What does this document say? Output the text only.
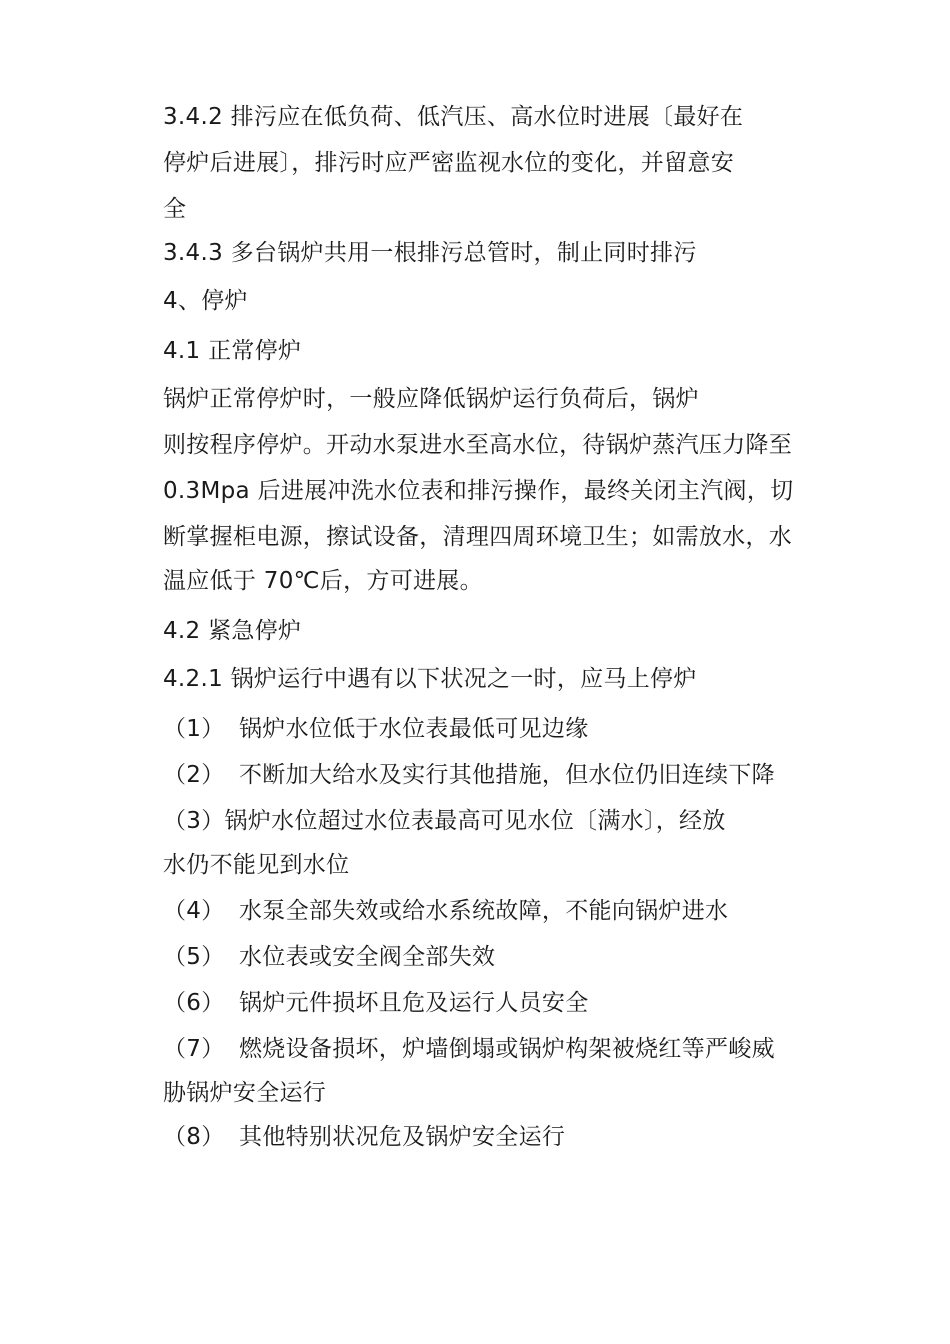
3.4.2 排污应在低负荷、低汽压、高水位时进展〔最好在
停炉后进展〕，排污时应严密监视水位的变化，并留意安
全
3.4.3 多台锅炉共用一根排污总管时，制止同时排污
4、停炉
4.1 正常停炉
锅炉正常停炉时，一般应降低锅炉运行负荷后，锅炉
则按程序停炉。开动水泵进水至高水位，待锅炉蒸汽压力降至
0.3Mpa 后进展冲洗水位表和排污操作，最终关闭主汽阀，切
断掌握柜电源，擦试设备，清理四周环境卫生；如需放水，水
温应低于 70℃后，方可进展。
4.2 紧急停炉
4.2.1 锅炉运行中遇有以下状况之一时，应马上停炉
（1） 锅炉水位低于水位表最低可见边缘
（2） 不断加大给水及实行其他措施，但水位仍旧连续下降
（3）锅炉水位超过水位表最高可见水位〔满水〕，经放
水仍不能见到水位
（4） 水泵全部失效或给水系统故障，不能向锅炉进水
（5） 水位表或安全阀全部失效
（6） 锅炉元件损坏且危及运行人员安全
（7） 燃烧设备损坏，炉墙倒塌或锅炉构架被烧红等严峻威
胁锅炉安全运行
（8） 其他特别状况危及锅炉安全运行
